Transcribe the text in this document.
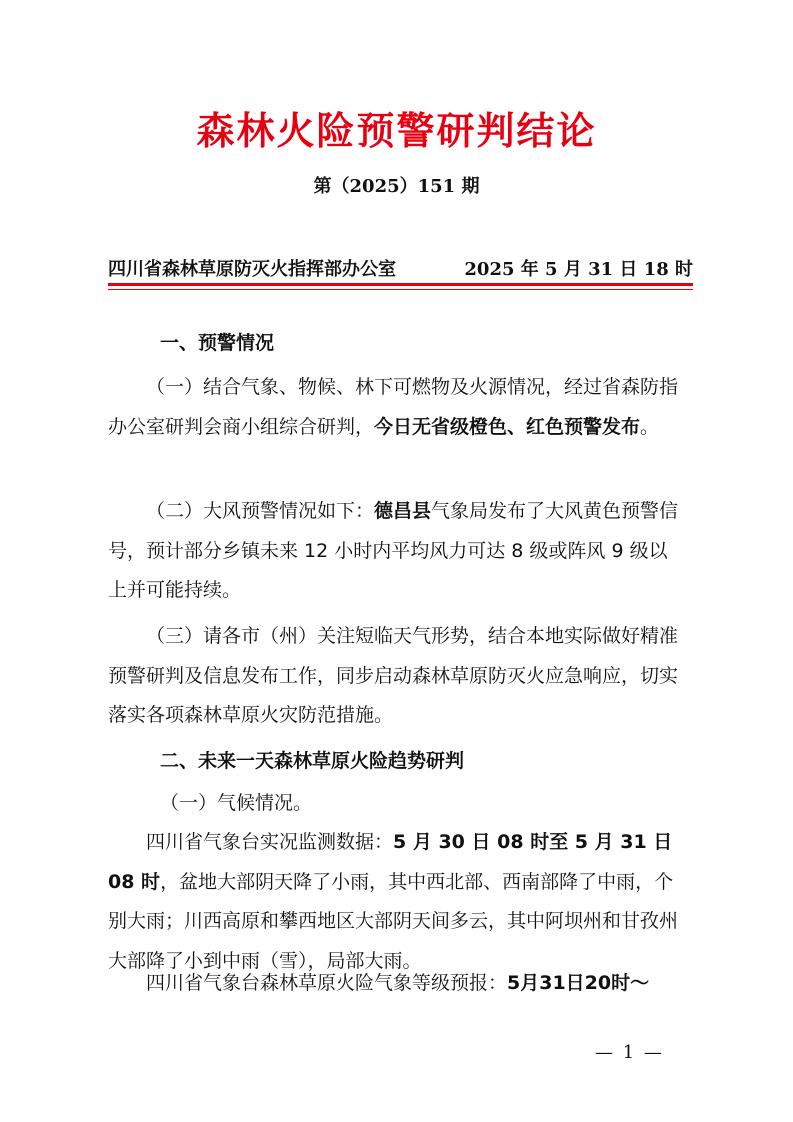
森林火险预警研判结论
第（2025）151 期
四川省森林草原防灭火指挥部办公室	2025 年 5 月 31 日 18 时
一、预警情况
（一）结合气象、物候、林下可燃物及火源情况，经过省森防指办公室研判会商小组综合研判，今日无省级橙色、红色预警发布。
（二）大风预警情况如下：德昌县气象局发布了大风黄色预警信号，预计部分乡镇未来 12 小时内平均风力可达 8 级或阵风 9 级以上并可能持续。
（三）请各市（州）关注短临天气形势，结合本地实际做好精准预警研判及信息发布工作，同步启动森林草原防灭火应急响应，切实落实各项森林草原火灾防范措施。
二、未来一天森林草原火险趋势研判
（一）气候情况。
四川省气象台实况监测数据：5 月 30 日 08 时至 5 月 31 日 08 时，盆地大部阴天降了小雨，其中西北部、西南部降了中雨，个别大雨；川西高原和攀西地区大部阴天间多云，其中阿坝州和甘孜州大部降了小到中雨（雪），局部大雨。
四川省气象台森林草原火险气象等级预报：5月31日20时～
— 1 —
